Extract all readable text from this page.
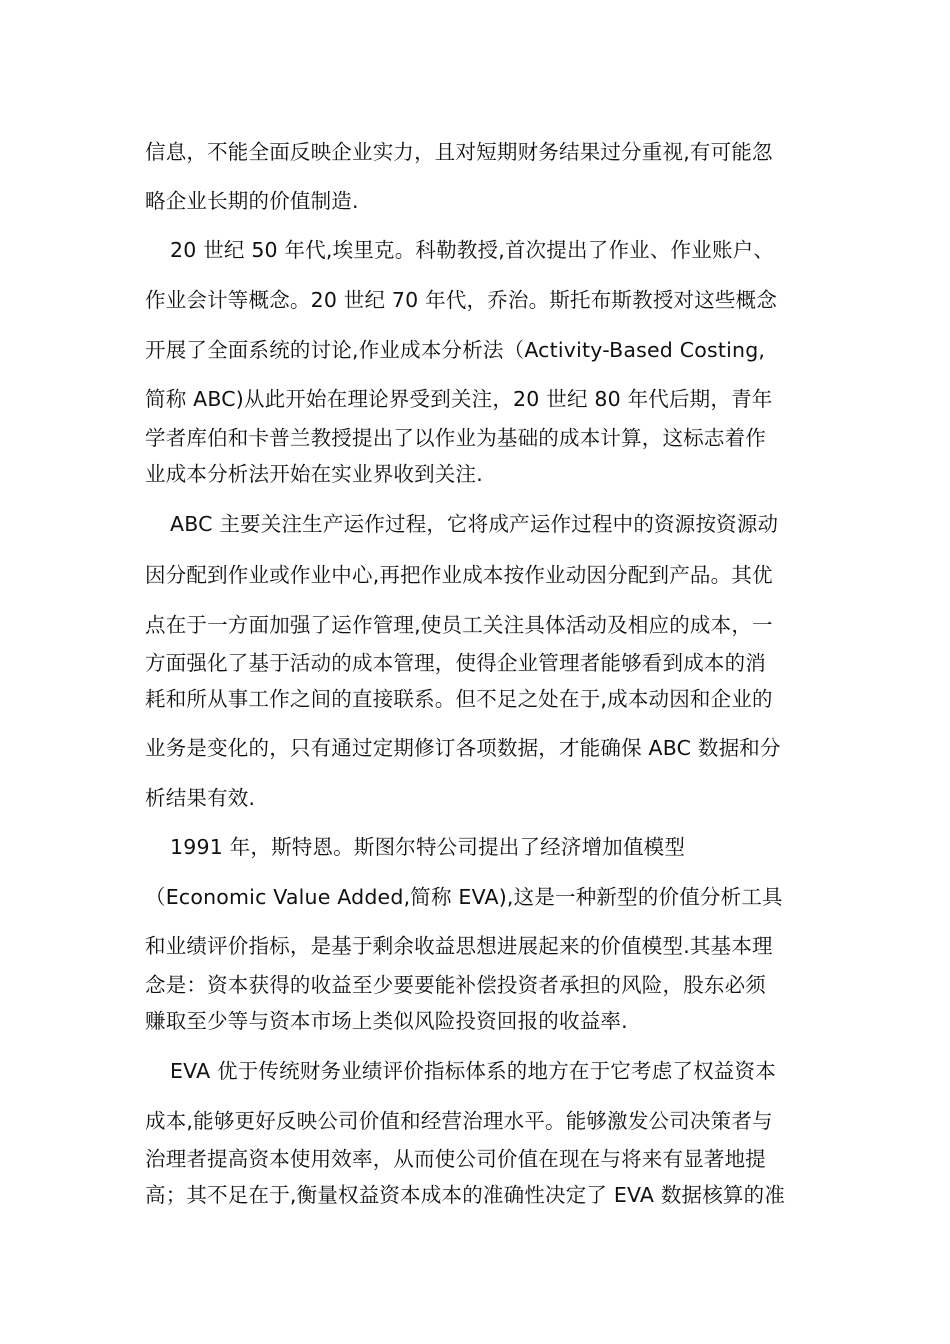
信息，不能全面反映企业实力，且对短期财务结果过分重视,有可能忽
略企业长期的价值制造.
20 世纪 50 年代,埃里克。科勒教授,首次提出了作业、作业账户、
作业会计等概念。20 世纪 70 年代，乔治。斯托布斯教授对这些概念
开展了全面系统的讨论,作业成本分析法（Activity-Based Costing,
简称 ABC)从此开始在理论界受到关注，20 世纪 80 年代后期，青年
学者库伯和卡普兰教授提出了以作业为基础的成本计算，这标志着作
业成本分析法开始在实业界收到关注.
ABC 主要关注生产运作过程，它将成产运作过程中的资源按资源动
因分配到作业或作业中心,再把作业成本按作业动因分配到产品。其优
点在于一方面加强了运作管理,使员工关注具体活动及相应的成本，一
方面强化了基于活动的成本管理，使得企业管理者能够看到成本的消
耗和所从事工作之间的直接联系。但不足之处在于,成本动因和企业的
业务是变化的，只有通过定期修订各项数据，才能确保 ABC 数据和分
析结果有效.
1991 年，斯特恩。斯图尔特公司提出了经济增加值模型
（Economic Value Added,简称 EVA),这是一种新型的价值分析工具
和业绩评价指标，是基于剩余收益思想进展起来的价值模型.其基本理
念是：资本获得的收益至少要要能补偿投资者承担的风险，股东必须
赚取至少等与资本市场上类似风险投资回报的收益率.
EVA 优于传统财务业绩评价指标体系的地方在于它考虑了权益资本
成本,能够更好反映公司价值和经营治理水平。能够激发公司决策者与
治理者提高资本使用效率，从而使公司价值在现在与将来有显著地提
高；其不足在于,衡量权益资本成本的准确性决定了 EVA 数据核算的准
